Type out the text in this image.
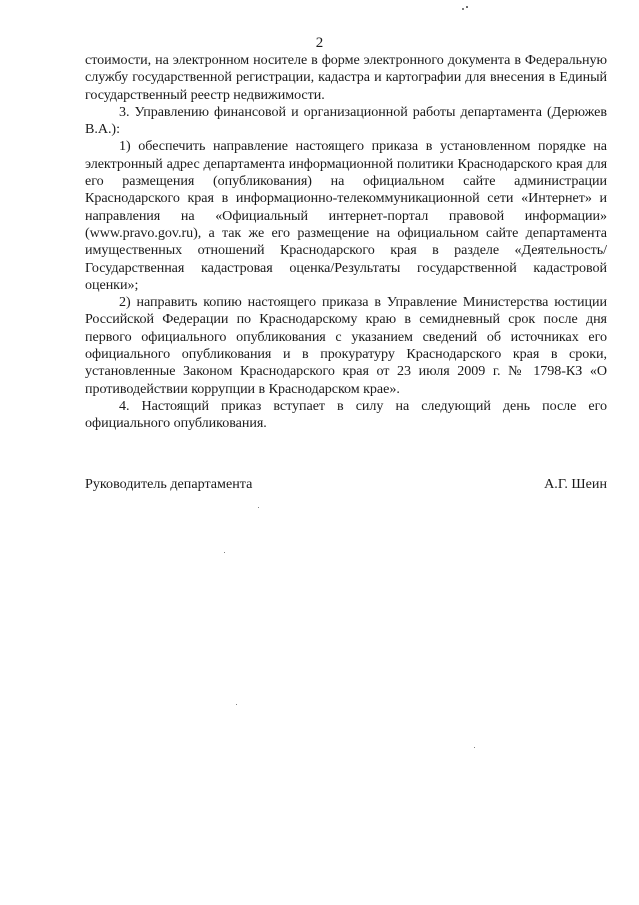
2

стоимости, на электронном носителе в форме электронного документа в Федеральную службу государственной регистрации, кадастра и картографии для внесения в Единый государственный реестр недвижимости.

3. Управлению финансовой и организационной работы департамента (Дерюжев В.А.):

1) обеспечить направление настоящего приказа в установленном порядке на электронный адрес департамента информационной политики Краснодарского края для его размещения (опубликования) на официальном сайте администрации Краснодарского края в информационно-телекоммуникационной сети «Интернет» и направления на «Официальный интернет-портал правовой информации» (www.pravo.gov.ru), а так же его размещение на официальном сайте департамента имущественных отношений Краснодарского края в разделе «Деятельность/Государственная кадастровая оценка/Результаты государственной кадастровой оценки»;

2) направить копию настоящего приказа в Управление Министерства юстиции Российской Федерации по Краснодарскому краю в семидневный срок после дня первого официального опубликования с указанием сведений об источниках его официального опубликования и в прокуратуру Краснодарского края в сроки, установленные Законом Краснодарского края от 23 июля 2009 г. № 1798-КЗ «О противодействии коррупции в Краснодарском крае».

4. Настоящий приказ вступает в силу на следующий день после его официального опубликования.

Руководитель департамента	А.Г. Шеин
